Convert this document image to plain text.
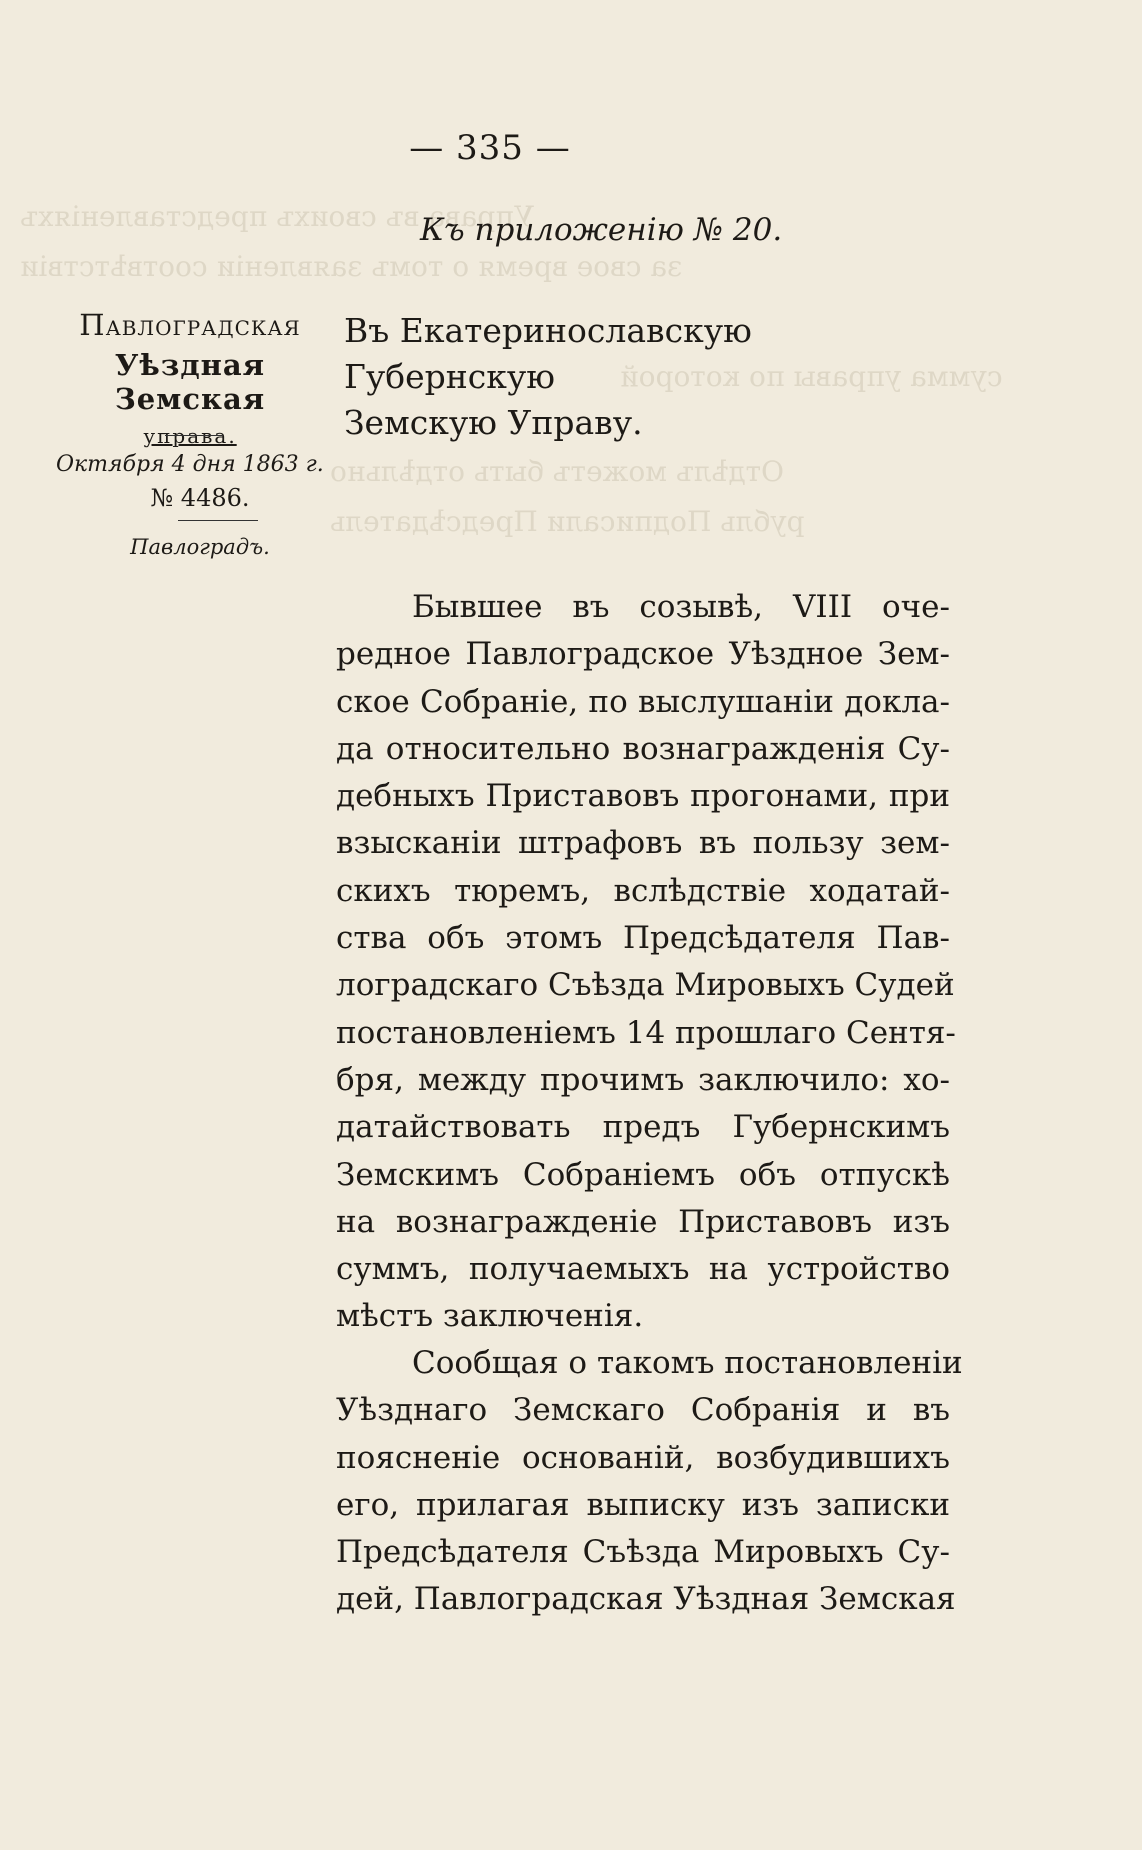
Управа въ своихъ представленіяхъ
за свое время о томъ заявленіи соотвѣтствіи
сумма управы по которой
Отдѣлъ можетъ быть отдѣльно
рубль Подписали Предсѣдатель
— 335 —
Къ приложенію № 20.
Павлоградская
Уѣздная Земская
управа.
Октября 4 дня 1863 г.
№ 4486.
Павлоградъ.
Въ Екатеринославскую Губернскую
Земскую Управу.
Бывшее въ созывѣ, VIII оче-
редное Павлоградское Уѣздное Зем-
ское Собраніе, по выслушаніи докла-
да относительно вознагражденія Су-
дебныхъ Приставовъ прогонами, при
взысканіи штрафовъ въ пользу зем-
скихъ тюремъ, вслѣдствіе ходатай-
ства объ этомъ Предсѣдателя Пав-
лоградскаго Съѣзда Мировыхъ Судей
постановленіемъ 14 прошлаго Сентя-
бря, между прочимъ заключило: хо-
датайствовать предъ Губернскимъ
Земскимъ Собраніемъ объ отпускѣ
на вознагражденіе Приставовъ изъ
суммъ, получаемыхъ на устройство
мѣстъ заключенія.
Сообщая о такомъ постановленіи
Уѣзднаго Земскаго Собранія и въ
поясненіе основаній, возбудившихъ
его, прилагая выписку изъ записки
Предсѣдателя Съѣзда Мировыхъ Су-
дей, Павлоградская Уѣздная Земская
